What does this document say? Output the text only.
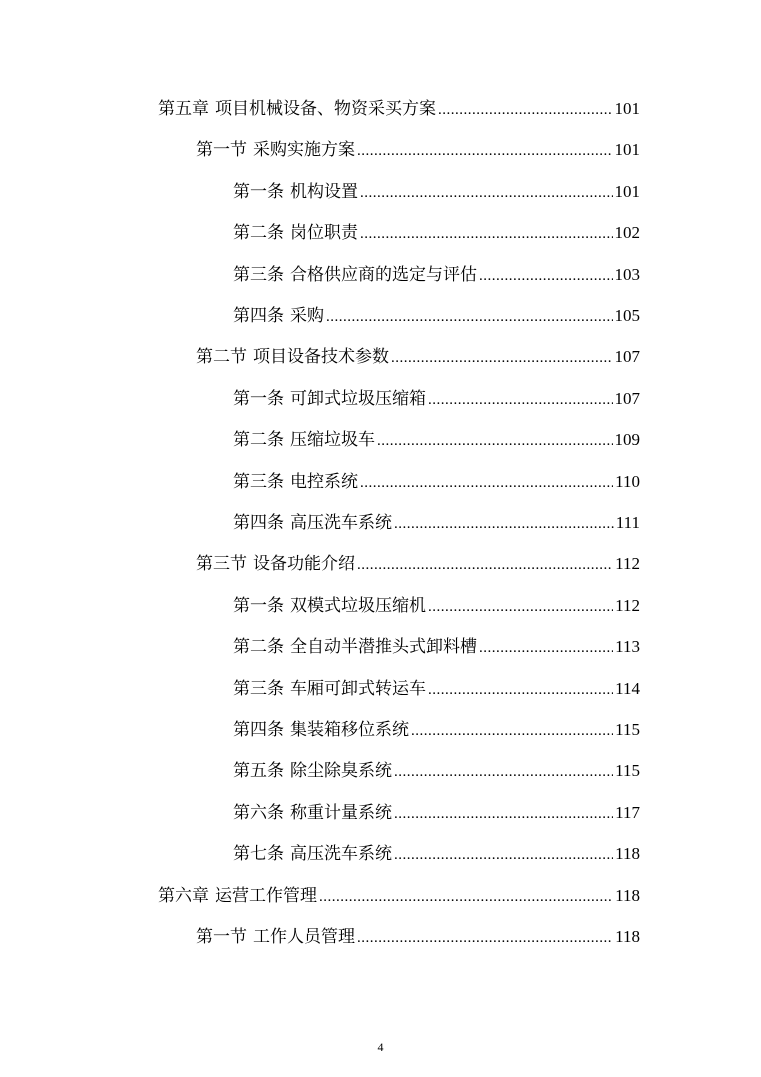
第五章 项目机械设备、物资采买方案 .....	101
第一节 采购实施方案 .....	101
第一条 机构设置 .....	101
第二条 岗位职责 .....	102
第三条 合格供应商的选定与评估 .....	103
第四条 采购 .....	105
第二节 项目设备技术参数 .....	107
第一条 可卸式垃圾压缩箱 .....	107
第二条 压缩垃圾车 .....	109
第三条 电控系统 .....	110
第四条 高压洗车系统 .....	111
第三节 设备功能介绍 .....	112
第一条 双模式垃圾压缩机 .....	112
第二条 全自动半潜推头式卸料槽 .....	113
第三条 车厢可卸式转运车 .....	114
第四条 集装箱移位系统 .....	115
第五条 除尘除臭系统 .....	115
第六条 称重计量系统 .....	117
第七条 高压洗车系统 .....	118
第六章 运营工作管理 .....	118
第一节 工作人员管理 .....	118
4
